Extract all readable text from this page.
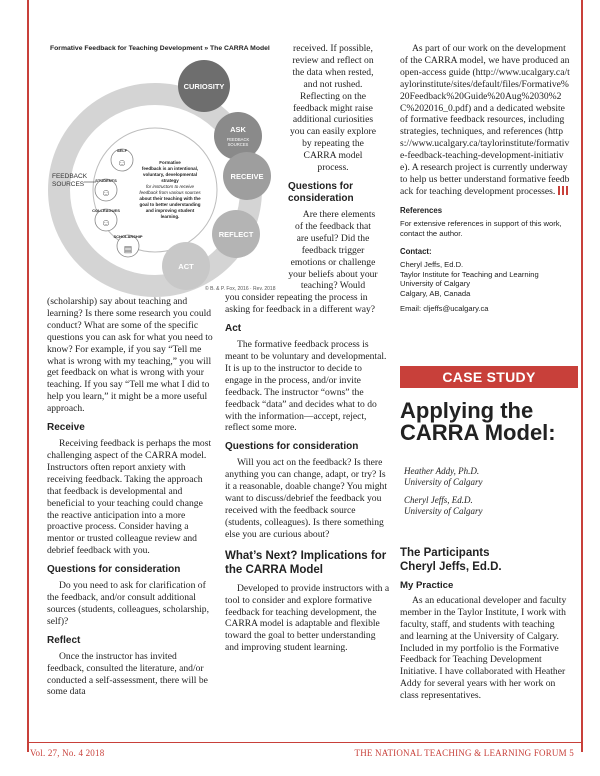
CURIOSITY
ASK
FEEDBACK
SOURCES
RECEIVE
REFLECT
ACT
FEEDBACK
SOURCES
SELF
STUDENTS
COLLEAGUES
SCHOLARSHIP
☺
☺
☺
▤
Formative
feedback is an intentional,
voluntary, developmental
strategy
for instructors to receive
feedback from various sources
about their teaching with the
goal to better understanding
and improving student
learning.
Formative Feedback for Teaching Development » The CARRA Model
© B. & P. Fox, 2016 · Rev. 2018

(scholarship) say about teaching and learning? Is there some research you could conduct? What are some of the specific questions you can ask for what you need to know? For example, if you say “Tell me what is wrong with my teaching,” you will get feedback on what is wrong with your teaching. If you say “Tell me what I did to help you learn,” it might be a more useful approach.

Receive

Receiving feedback is perhaps the most challenging aspect of the CARRA model. Instructors often report anxiety with receiving feedback. Taking the approach that feedback is developmental and beneficial to your teaching could change the reactive anticipation into a more proactive process. Consider having a mentor or trusted colleague review and debrief feedback with you.

Questions for consideration

Do you need to ask for clarification of the feedback, and/or consult additional sources (students, colleagues, scholarship, self)?

Reflect

Once the instructor has invited feedback, consulted the literature, and/or conducted a self-assessment, there will be some data

received. If possible, review and reflect on the data when rested, and not rushed. Reflecting on the feedback might raise additional curiosities you can easily explore by repeating the CARRA model process.

Questions for consideration

Are there elements of the feedback that are useful? Did the feedback trigger emotions or challenge your beliefs about your teaching? Would

you consider repeating the process in asking for feedback in a different way?

Act

The formative feedback process is meant to be voluntary and developmental. It is up to the instructor to decide to engage in the process, and/or invite feedback. The instructor “owns” the feedback “data” and decides what to do with the information—accept, reject, reflect some more.

Questions for consideration

Will you act on the feedback? Is there anything you can change, adapt, or try? Is it a reasonable, doable change? You might want to discuss/debrief the feedback you received with the feedback source (students, colleagues). Is there something else you are curious about?

What’s Next? Implications for the CARRA Model

Developed to provide instructors with a tool to consider and explore formative feedback for teaching development, the CARRA model is adaptable and flexible toward the goal to better understanding and improving student learning.

As part of our work on the development of the CARRA model, we have produced an open-access guide (http://www.ucalgary.ca/taylorinstitute/sites/default/files/Formative%20Feedback%20Guide%20Aug%2030%2C%202016_0.pdf) and a dedicated website of formative feedback resources, including strategies, techniques, and references (https://www.ucalgary.ca/taylorinstitute/formative-feedback-teaching-development-initiative). A research project is currently underway to help us better understand formative feedback for teaching development processes.

References

For extensive references in support of this work, contact the author.

Contact:

Cheryl Jeffs, Ed.D.

Taylor Institute for Teaching and Learning

University of Calgary

Calgary, AB, Canada

Email: cljeffs@ucalgary.ca

CASE STUDY
Applying the
CARRA Model:
Heather Addy, Ph.D.
University of Calgary
Cheryl Jeffs, Ed.D.
University of Calgary
The Participants
Cheryl Jeffs, Ed.D.
My Practice

As an educational developer and faculty member in the Taylor Institute, I work with faculty, staff, and students with teaching and learning at the University of Calgary. Included in my portfolio is the Formative Feedback for Teaching Development Initiative. I have collaborated with Heather Addy for several years with her work on class representatives.

Vol. 27, No. 4 2018	THE NATIONAL TEACHING & LEARNING FORUM 5
